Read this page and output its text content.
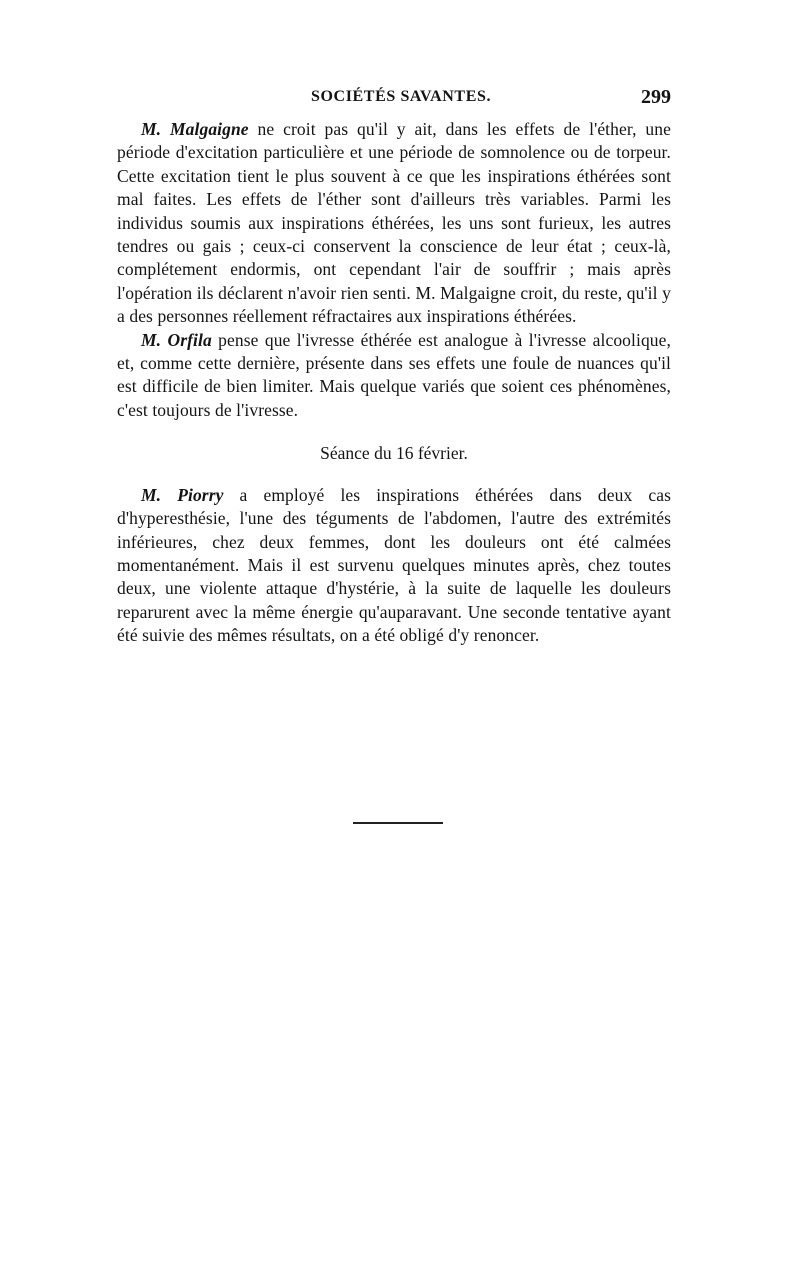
SOCIÉTÉS SAVANTES.	299

M. Malgaigne ne croit pas qu'il y ait, dans les effets de l'éther, une période d'excitation particulière et une période de somnolence ou de torpeur. Cette excitation tient le plus souvent à ce que les inspirations éthérées sont mal faites. Les effets de l'éther sont d'ailleurs très variables. Parmi les individus soumis aux inspirations éthérées, les uns sont furieux, les autres tendres ou gais ; ceux-ci conservent la conscience de leur état ; ceux-là, complétement endormis, ont cependant l'air de souffrir ; mais après l'opération ils déclarent n'avoir rien senti. M. Malgaigne croit, du reste, qu'il y a des personnes réellement réfractaires aux inspirations éthérées.

M. Orfila pense que l'ivresse éthérée est analogue à l'ivresse alcoolique, et, comme cette dernière, présente dans ses effets une foule de nuances qu'il est difficile de bien limiter. Mais quelque variés que soient ces phénomènes, c'est toujours de l'ivresse.

Séance du 16 février.

M. Piorry a employé les inspirations éthérées dans deux cas d'hyperesthésie, l'une des téguments de l'abdomen, l'autre des extrémités inférieures, chez deux femmes, dont les douleurs ont été calmées momentanément. Mais il est survenu quelques minutes après, chez toutes deux, une violente attaque d'hystérie, à la suite de laquelle les douleurs reparurent avec la même énergie qu'auparavant. Une seconde tentative ayant été suivie des mêmes résultats, on a été obligé d'y renoncer.
